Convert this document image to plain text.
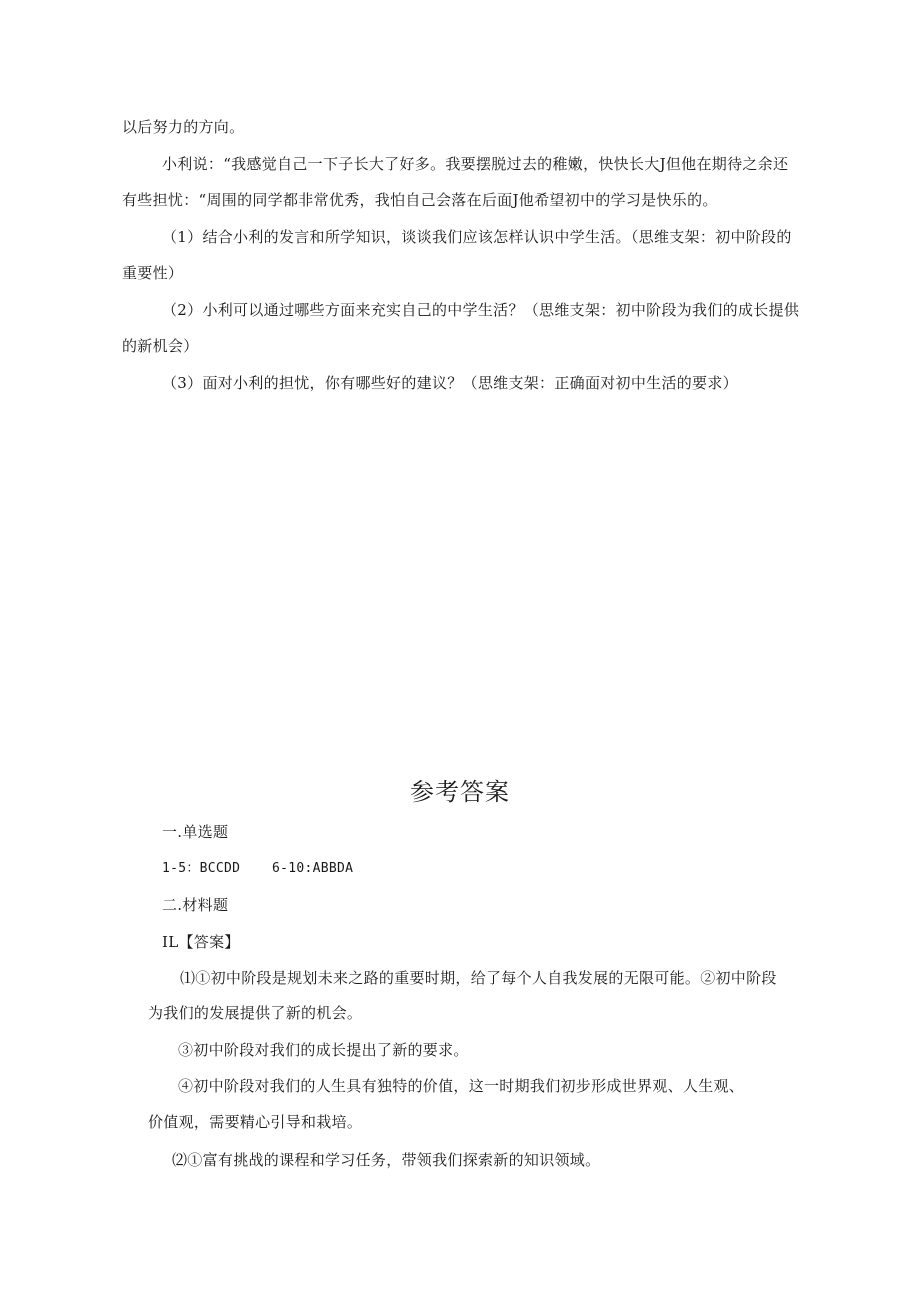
以后努力的方向。
小利说：“我感觉自己一下子长大了好多。我要摆脱过去的稚嫩，快快长大J但他在期待之余还
有些担忧：“周围的同学都非常优秀，我怕自己会落在后面J他希望初中的学习是快乐的。
（1）结合小利的发言和所学知识，谈谈我们应该怎样认识中学生活。（思维支架：初中阶段的
重要性）
（2）小利可以通过哪些方面来充实自己的中学生活？（思维支架：初中阶段为我们的成长提供
的新机会）
（3）面对小利的担忧，你有哪些好的建议？（思维支架：正确面对初中生活的要求）
参考答案
一.单选题
1-5：BCCDD 6-10:ABBDA
二.材料题
IL【答案】
⑴①初中阶段是规划未来之路的重要时期，给了每个人自我发展的无限可能。②初中阶段
为我们的发展提供了新的机会。
③初中阶段对我们的成长提出了新的要求。
④初中阶段对我们的人生具有独特的价值，这一时期我们初步形成世界观、人生观、
价值观，需要精心引导和栽培。
⑵①富有挑战的课程和学习任务，带领我们探索新的知识领域。
